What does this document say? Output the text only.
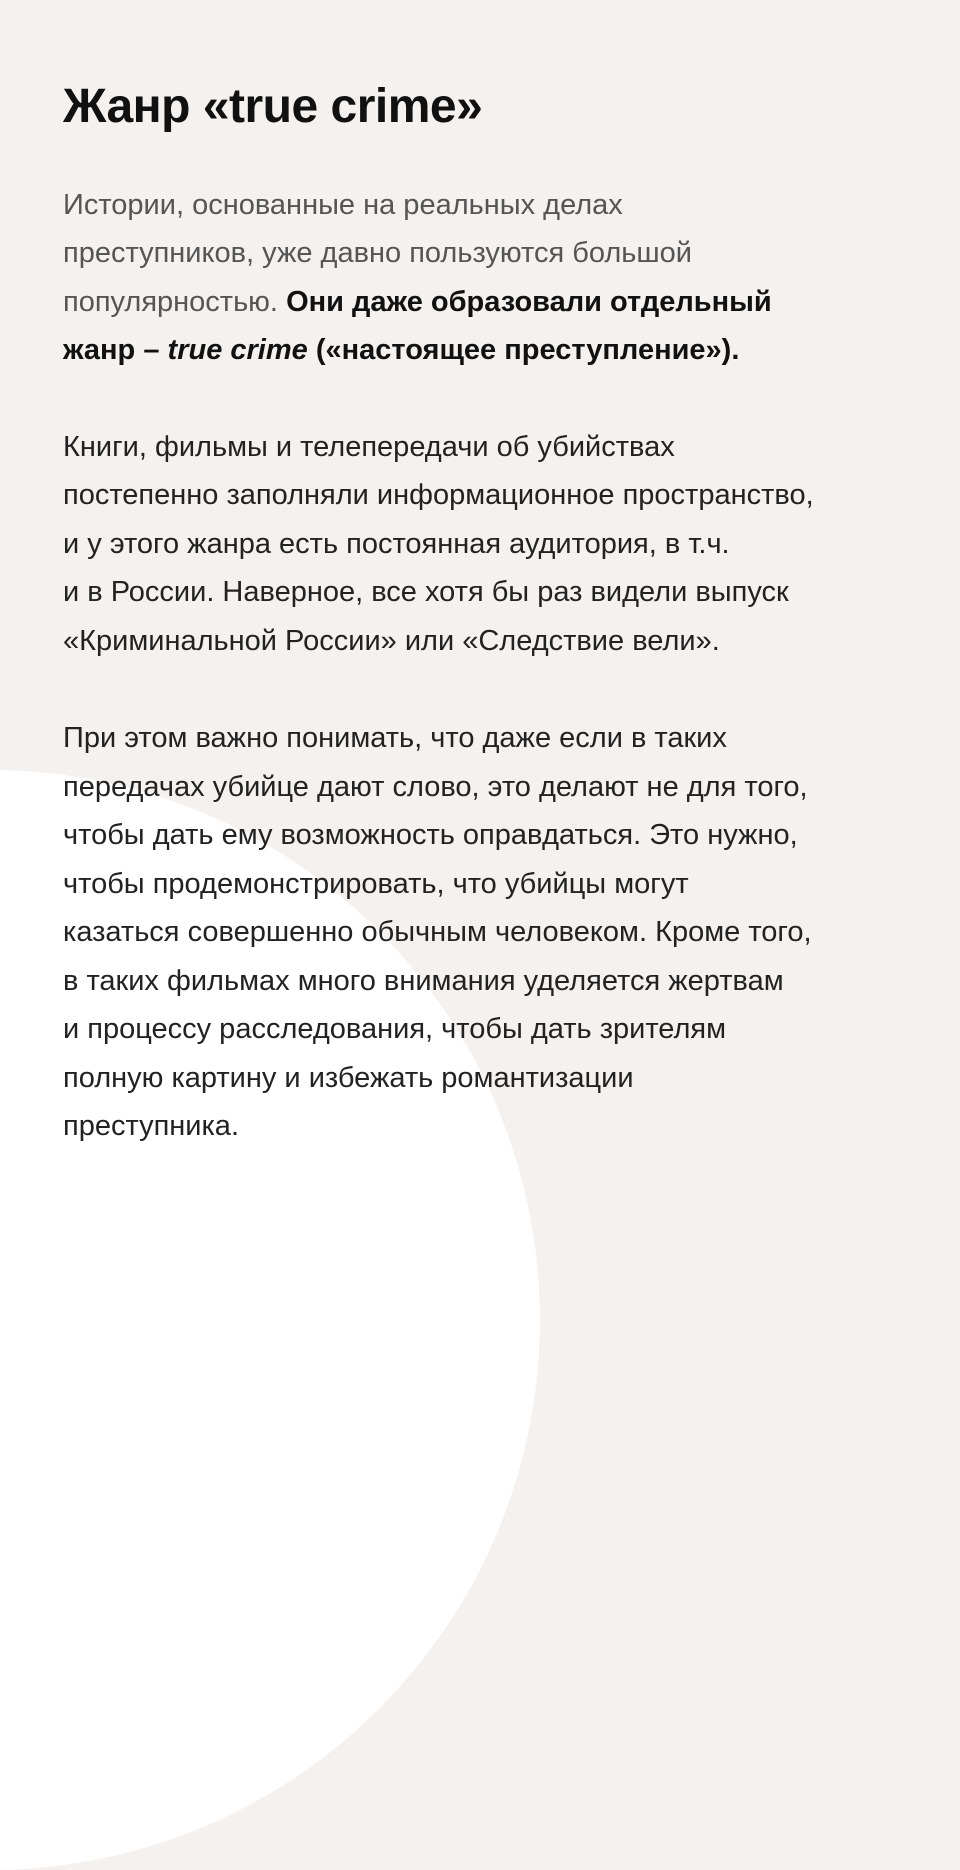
Жанр «true crime»

Истории, основанные на реальных делах
преступников, уже давно пользуются большой
популярностью. Они даже образовали отдельный
жанр – true crime («настоящее преступление»).

Книги, фильмы и телепередачи об убийствах
постепенно заполняли информационное пространство,
и у этого жанра есть постоянная аудитория, в т.ч.
и в России. Наверное, все хотя бы раз видели выпуск
«Криминальной России» или «Следствие вели».

При этом важно понимать, что даже если в таких
передачах убийце дают слово, это делают не для того,
чтобы дать ему возможность оправдаться. Это нужно,
чтобы продемонстрировать, что убийцы могут
казаться совершенно обычным человеком. Кроме того,
в таких фильмах много внимания уделяется жертвам
и процессу расследования, чтобы дать зрителям
полную картину и избежать романтизации
преступника.
